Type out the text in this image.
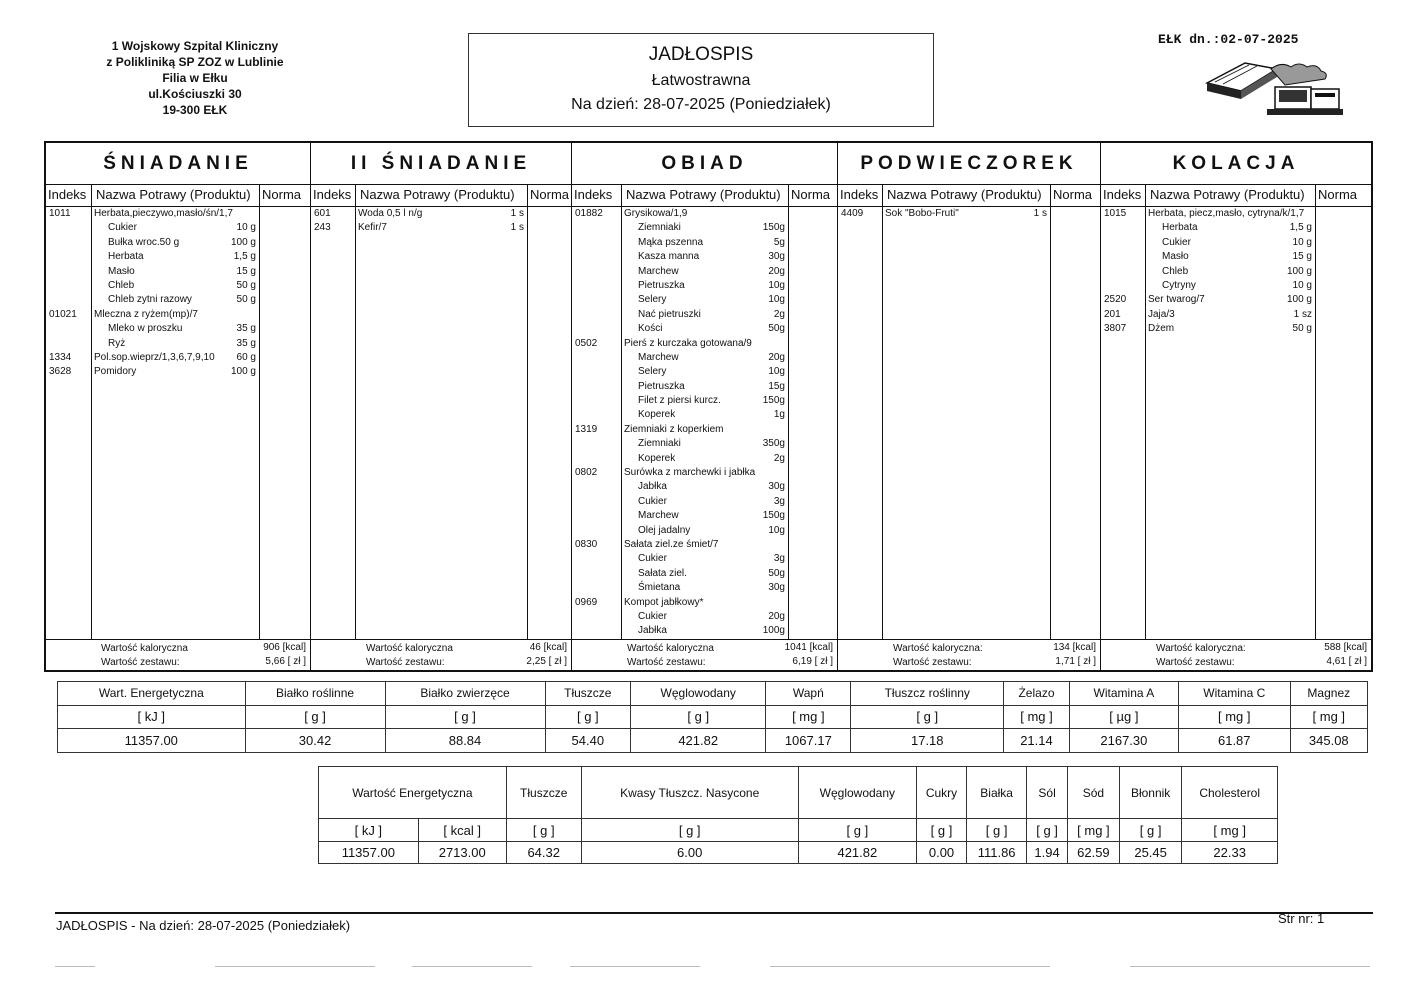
1 Wojskowy Szpital Kliniczny
z Polikliniką SP ZOZ w Lublinie
Filia w Ełku
ul.Kościuszki 30
19-300 EŁK
JADŁOSPIS
Łatwostrawna
Na dzień: 28-07-2025 (Poniedziałek)
EŁK dn.:02-07-2025
ŚNIADANIE
Indeks Nazwa Potrawy (Produktu) Norma
1011 Herbata,pieczywo,masło/śn/1,7
Cukier	10 g
Bułka wroc.50 g	100 g
Herbata	1,5 g
Masło	15 g
Chleb	50 g
Chleb zytni razowy	50 g
01021 Mleczna z ryżem(mp)/7
Mleko w proszku	35 g
Ryż	35 g
1334 Pol.sop.wieprz/1,3,6,7,9,10	60 g
3628 Pomidory	100 g
Wartość kaloryczna	906 [kcal]
Wartość zestawu:	5,66 [ zł ]
II ŚNIADANIE
Indeks Nazwa Potrawy (Produktu) Norma
601	Woda 0,5 l n/g	1 s
243	Kefir/7	1 s
Wartość kaloryczna	46 [kcal]
Wartość zestawu:	2,25 [ zł ]
OBIAD
Indeks Nazwa Potrawy (Produktu) Norma
01882 Grysikowa/1,9
Ziemniaki	150g
Mąka pszenna	5g
Kasza manna	30g
Marchew	20g
Pietruszka	10g
Selery	10g
Nać pietruszki	2g
Kości	50g
0502	Pierś z kurczaka gotowana/9
Marchew	20g
Selery	10g
Pietruszka	15g
Filet z piersi kurcz.	150g
Koperek	1g
1319	Ziemniaki z koperkiem
Ziemniaki	350g
Koperek	2g
0802	Surówka z marchewki i jabłka
Jabłka	30g
Cukier	3g
Marchew	150g
Olej jadalny	10g
0830	Sałata ziel.ze śmiet/7
Cukier	3g
Sałata ziel.	50g
Śmietana	30g
0969	Kompot jabłkowy*
Cukier	20g
Jabłka	100g
Wartość kaloryczna	1041 [kcal]
Wartość zestawu:	6,19 [ zł ]
PODWIECZOREK
Indeks Nazwa Potrawy (Produktu) Norma
4409 Sok "Bobo-Fruti"	1 s
Wartość kaloryczna:	134 [kcal]
Wartość zestawu:	1,71 [ zł ]
KOLACJA
Indeks Nazwa Potrawy (Produktu) Norma
1015 Herbata, piecz,masło, cytryna/k/1,7
Herbata	1,5 g
Cukier	10 g
Masło	15 g
Chleb	100 g
Cytryny	10 g
2520 Ser twarog/7	100 g
201	Jaja/3	1 sz
3807 Dżem	50 g
Wartość kaloryczna:	588 [kcal]
Wartość zestawu:	4,61 [ zł ]
Wart. Energetyczna	Białko roślinne	Białko zwierzęce	Tłuszcze	Węglowodany	Wapń	Tłuszcz roślinny	Żelazo	Witamina A	Witamina C	Magnez
[ kJ ]	[ g ]	[ g ]	[ g ]	[ g ]	[ mg ]	[ g ]	[ mg ]	[ µg ]	[ mg ]	[ mg ]
11357.00	30.42	88.84	54.40	421.82	1067.17	17.18	21.14	2167.30	61.87	345.08
Wartość Energetyczna		Tłuszcze	Kwasy Tłuszcz. Nasycone	Węglowodany	Cukry	Białka	Sól	Sód	Błonnik	Cholesterol
[ kJ ]	[ kcal ]	[ g ]	[ g ]	[ g ]	[ g ]	[ g ]	[ g ]	[ mg ]	[ g ]	[ mg ]
11357.00	2713.00	64.32	6.00	421.82	0.00	111.86	1.94	62.59	25.45	22.33
JADŁOSPIS - Na dzień: 28-07-2025 (Poniedziałek)	Str nr: 1
